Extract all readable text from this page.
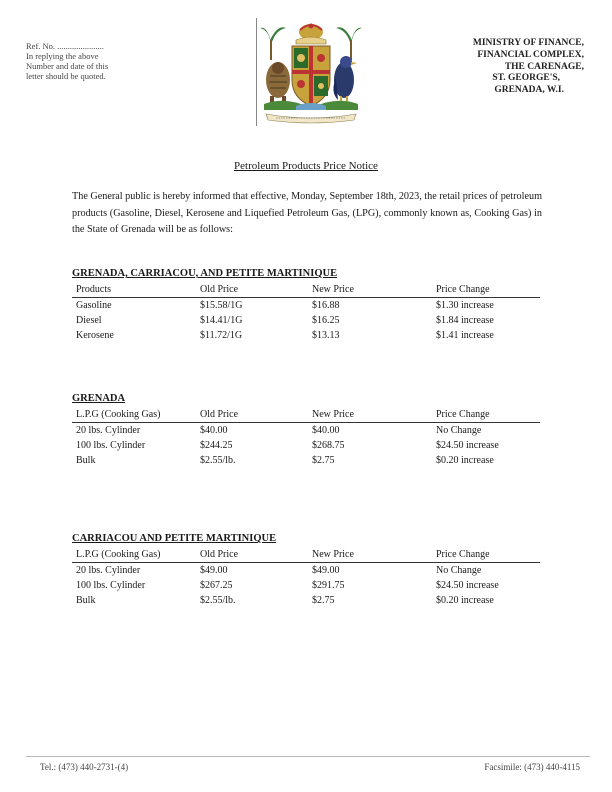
Ref. No. ......................
In replying the above
Number and date of this
letter should be quoted.
MINISTRY OF FINANCE,
FINANCIAL COMPLEX,
THE CARENAGE,
ST. GEORGE'S,
GRENADA, W.I.
Petroleum Products Price Notice
The General public is hereby informed that effective, Monday, September 18th, 2023, the retail prices of petroleum products (Gasoline, Diesel, Kerosene and Liquefied Petroleum Gas, (LPG), commonly known as, Cooking Gas) in the State of Grenada will be as follows:
GRENADA, CARRIACOU, AND PETITE MARTINIQUE
Products	Old Price	New Price	Price Change
Gasoline	$15.58/1G	$16.88	$1.30 increase
Diesel	$14.41/1G	$16.25	$1.84 increase
Kerosene	$11.72/1G	$13.13	$1.41 increase
GRENADA
L.P.G (Cooking Gas)	Old Price	New Price	Price Change
20 lbs. Cylinder	$40.00	$40.00	No Change
100 lbs. Cylinder	$244.25	$268.75	$24.50 increase
Bulk	$2.55/lb.	$2.75	$0.20 increase
CARRIACOU AND PETITE MARTINIQUE
L.P.G (Cooking Gas)	Old Price	New Price	Price Change
20 lbs. Cylinder	$49.00	$49.00	No Change
100 lbs. Cylinder	$267.25	$291.75	$24.50 increase
Bulk	$2.55/lb.	$2.75	$0.20 increase
Tel.: (473) 440-2731-(4)	Facsimile: (473) 440-4115
